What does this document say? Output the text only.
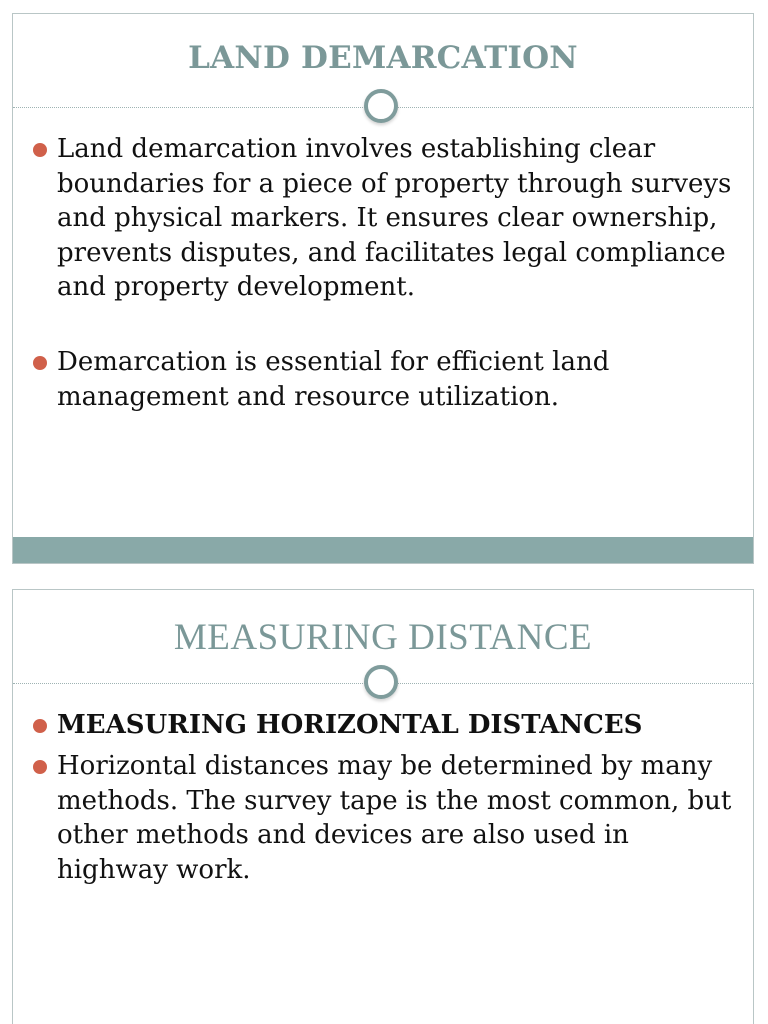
LAND DEMARCATION
Land demarcation involves establishing clear boundaries for a piece of property through surveys and physical markers. It ensures clear ownership, prevents disputes, and facilitates legal compliance and property development.
Demarcation is essential for efficient land management and resource utilization.
MEASURING DISTANCE
MEASURING HORIZONTAL DISTANCES
Horizontal distances may be determined by many methods. The survey tape is the most common, but other methods and devices are also used in highway work.
